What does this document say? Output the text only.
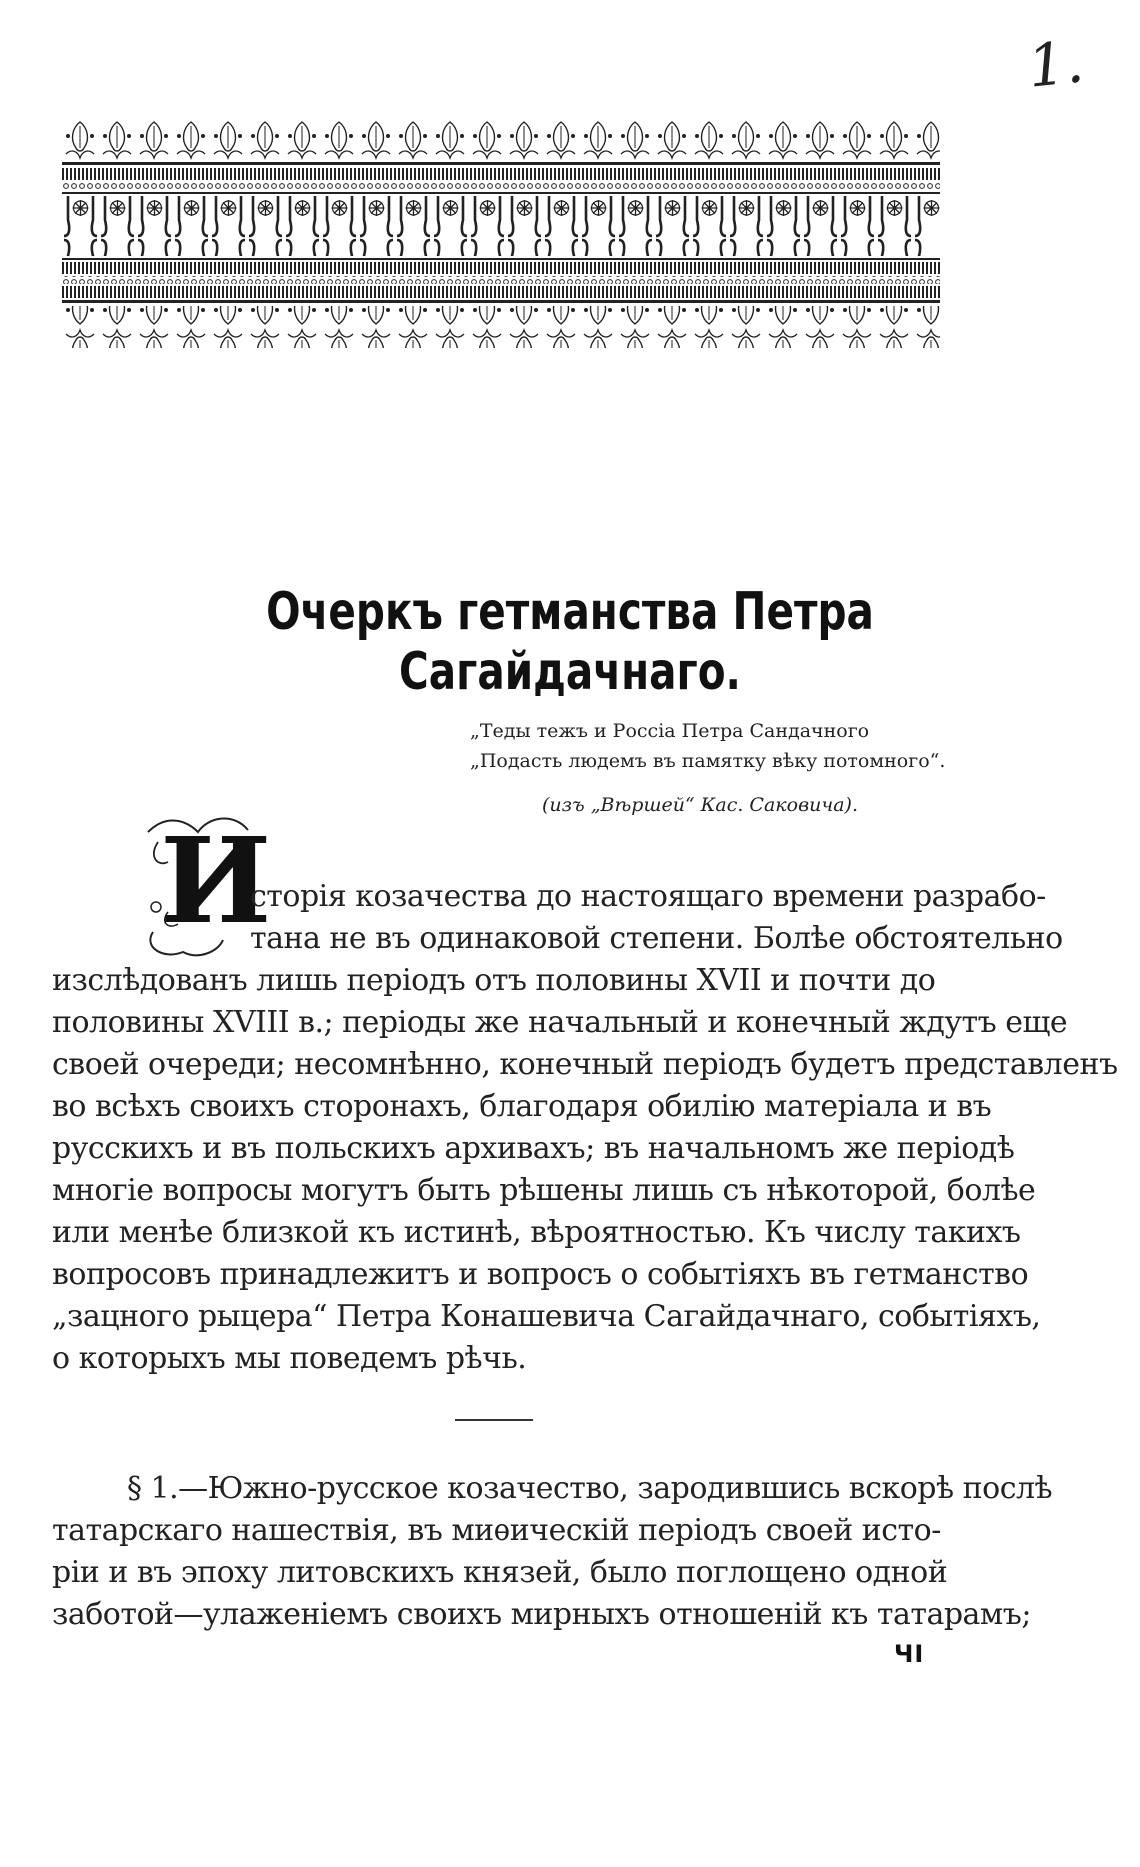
1.
Очеркъ гетманства Петра Сагайдачнаго.
„Теды тежъ и Россіа Петра Сандачного
„Подасть людемъ въ памятку вѣку потомного“.
(изъ „Вѣршей“ Кас. Саковича).
И
сторія козачества до настоящаго времени разрабо-
тана не въ одинаковой степени. Болѣе обстоятельно
изслѣдованъ лишь періодъ отъ половины XVII и почти до
половины XVIII в.; періоды же начальный и конечный ждутъ еще
своей очереди; несомнѣнно, конечный періодъ будетъ представленъ
во всѣхъ своихъ сторонахъ, благодаря обилію матеріала и въ
русскихъ и въ польскихъ архивахъ; въ начальномъ же періодѣ
многіе вопросы могутъ быть рѣшены лишь съ нѣкоторой, болѣе
или менѣе близкой къ истинѣ, вѣроятностью. Къ числу такихъ
вопросовъ принадлежитъ и вопросъ о событіяхъ въ гетманство
„зацного рыцера“ Петра Конашевича Сагайдачнаго, событіяхъ,
о которыхъ мы поведемъ рѣчь.
§ 1.—Южно-русское козачество, зародившись вскорѣ послѣ
татарскаго нашествія, въ миѳическій періодъ своей исто-
ріи и въ эпоху литовскихъ князей, было поглощено одной
заботой—улаженіемъ своихъ мирныхъ отношеній къ татарамъ;
ЧI
